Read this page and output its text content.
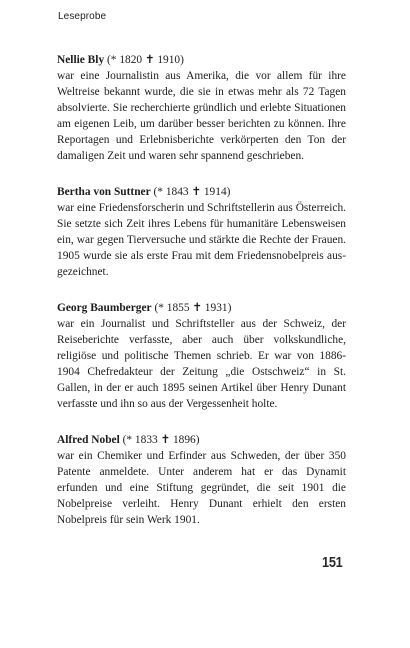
Leseprobe
Nellie Bly (* 1820 ✝ 1910)
war eine Journalistin aus Amerika, die vor allem für ihre Weltreise bekannt wurde, die sie in etwas mehr als 72 Tagen absolvierte. Sie recherchierte gründlich und erlebte Situationen am eigenen Leib, um darüber besser berichten zu können. Ihre Reportagen und Erlebnisberichte verkörperten den Ton der damaligen Zeit und waren sehr spannend geschrieben.
Bertha von Suttner (* 1843 ✝ 1914)
war eine Friedensforscherin und Schriftstellerin aus Österreich. Sie setzte sich Zeit ihres Lebens für humanitäre Lebensweisen ein, war gegen Tierversuche und stärkte die Rechte der Frauen. 1905 wurde sie als erste Frau mit dem Friedensnobelpreis ausgezeichnet.
Georg Baumberger (* 1855 ✝ 1931)
war ein Journalist und Schriftsteller aus der Schweiz, der Reiseberichte verfasste, aber auch über volkskundliche, religiöse und politische Themen schrieb. Er war von 1886-1904 Chefredakteur der Zeitung „die Ostschweiz“ in St. Gallen, in der er auch 1895 seinen Artikel über Henry Dunant verfasste und ihn so aus der Vergessenheit holte.
Alfred Nobel (* 1833 ✝ 1896)
war ein Chemiker und Erfinder aus Schweden, der über 350 Patente anmeldete. Unter anderem hat er das Dynamit erfunden und eine Stiftung gegründet, die seit 1901 die Nobelpreise verleiht. Henry Dunant erhielt den ersten Nobelpreis für sein Werk 1901.
151
